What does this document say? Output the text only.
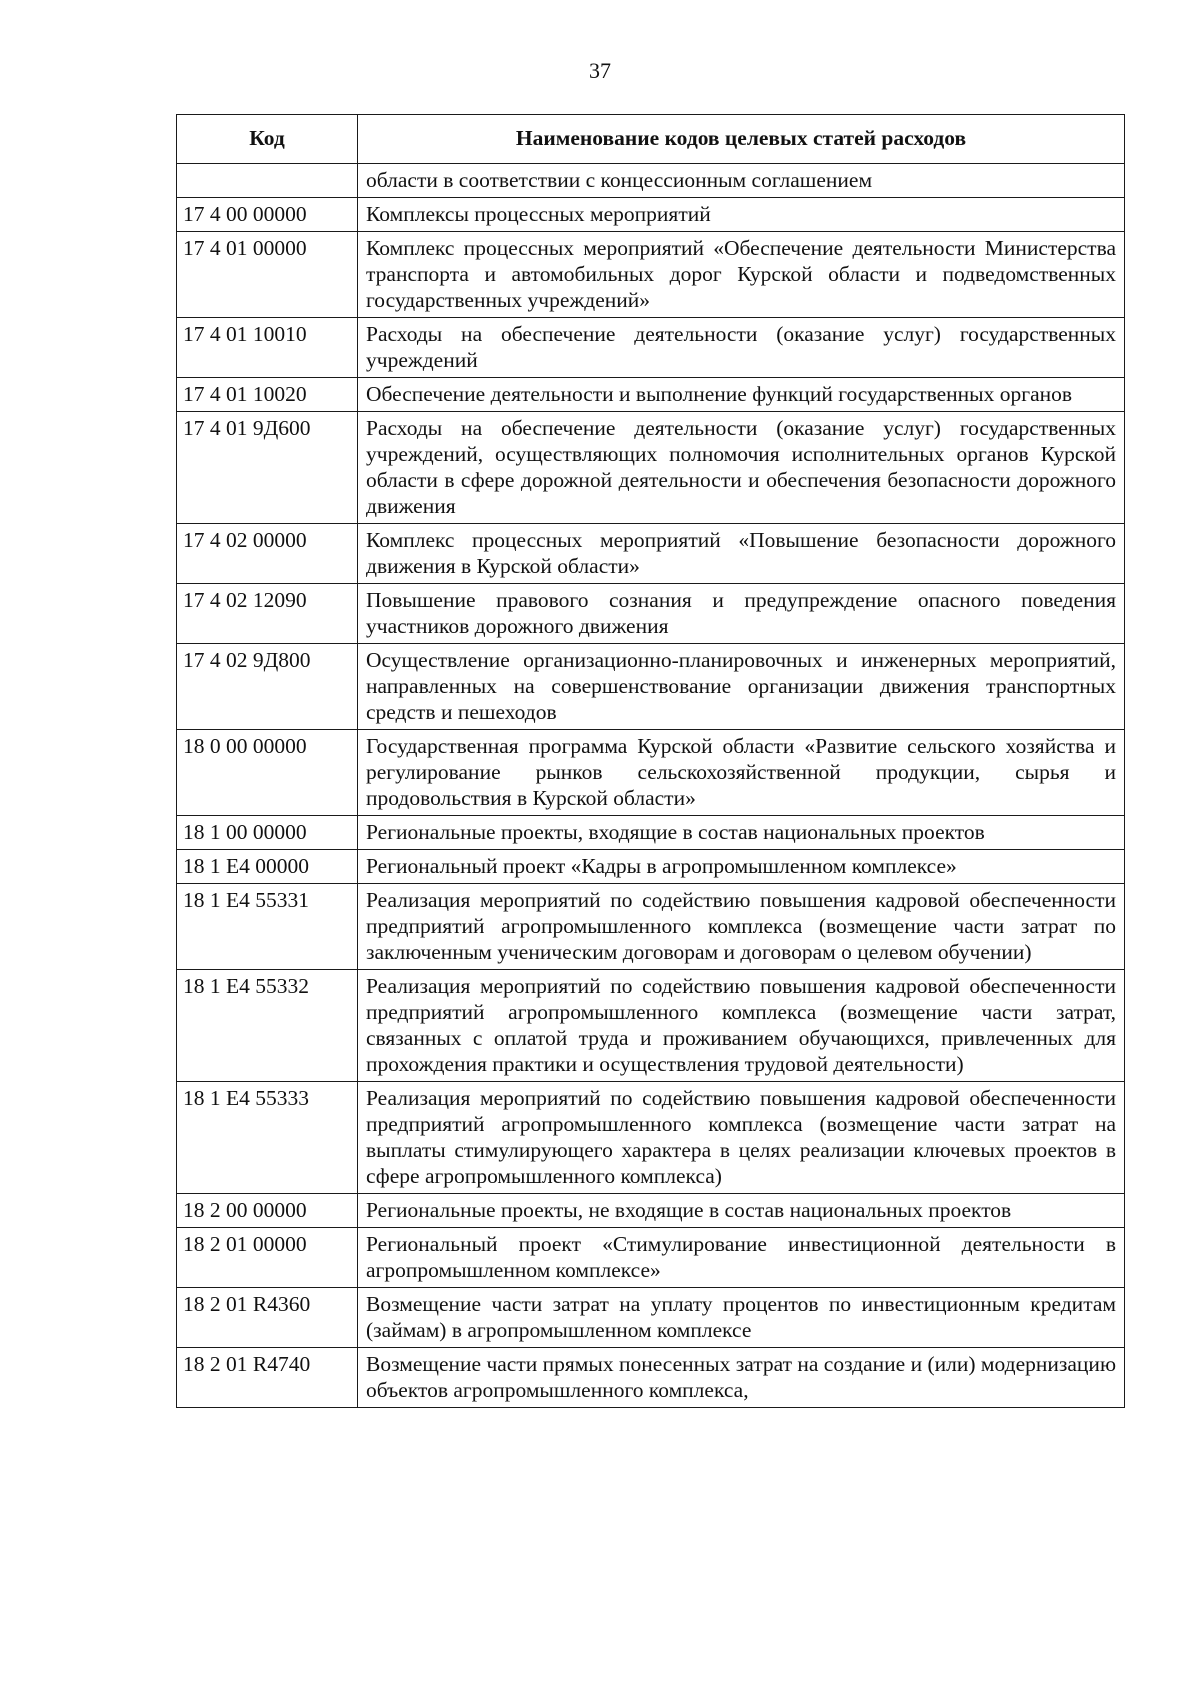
37
Код	Наименование кодов целевых статей расходов
	области в соответствии с концессионным соглашением
17 4 00 00000	Комплексы процессных мероприятий
17 4 01 00000	Комплекс процессных мероприятий «Обеспечение деятельности Министерства транспорта и автомобильных дорог Курской области и подведомственных государственных учреждений»
17 4 01 10010	Расходы на обеспечение деятельности (оказание услуг) государственных учреждений
17 4 01 10020	Обеспечение деятельности и выполнение функций государственных органов
17 4 01 9Д600	Расходы на обеспечение деятельности (оказание услуг) государственных учреждений, осуществляющих полномочия исполнительных органов Курской области в сфере дорожной деятельности и обеспечения безопасности дорожного движения
17 4 02 00000	Комплекс процессных мероприятий «Повышение безопасности дорожного движения в Курской области»
17 4 02 12090	Повышение правового сознания и предупреждение опасного поведения участников дорожного движения
17 4 02 9Д800	Осуществление организационно-планировочных и инженерных мероприятий, направленных на совершенствование организации движения транспортных средств и пешеходов
18 0 00 00000	Государственная программа Курской области «Развитие сельского хозяйства и регулирование рынков сельскохозяйственной продукции, сырья и продовольствия в Курской области»
18 1 00 00000	Региональные проекты, входящие в состав национальных проектов
18 1 Е4 00000	Региональный проект «Кадры в агропромышленном комплексе»
18 1 Е4 55331	Реализация мероприятий по содействию повышения кадровой обеспеченности предприятий агропромышленного комплекса (возмещение части затрат по заключенным ученическим договорам и договорам о целевом обучении)
18 1 Е4 55332	Реализация мероприятий по содействию повышения кадровой обеспеченности предприятий агропромышленного комплекса (возмещение части затрат, связанных с оплатой труда и проживанием обучающихся, привлеченных для прохождения практики и осуществления трудовой деятельности)
18 1 Е4 55333	Реализация мероприятий по содействию повышения кадровой обеспеченности предприятий агропромышленного комплекса (возмещение части затрат на выплаты стимулирующего характера в целях реализации ключевых проектов в сфере агропромышленного комплекса)
18 2 00 00000	Региональные проекты, не входящие в состав национальных проектов
18 2 01 00000	Региональный проект «Стимулирование инвестиционной деятельности в агропромышленном комплексе»
18 2 01 R4360	Возмещение части затрат на уплату процентов по инвестиционным кредитам (займам) в агропромышленном комплексе
18 2 01 R4740	Возмещение части прямых понесенных затрат на создание и (или) модернизацию объектов агропромышленного комплекса,
